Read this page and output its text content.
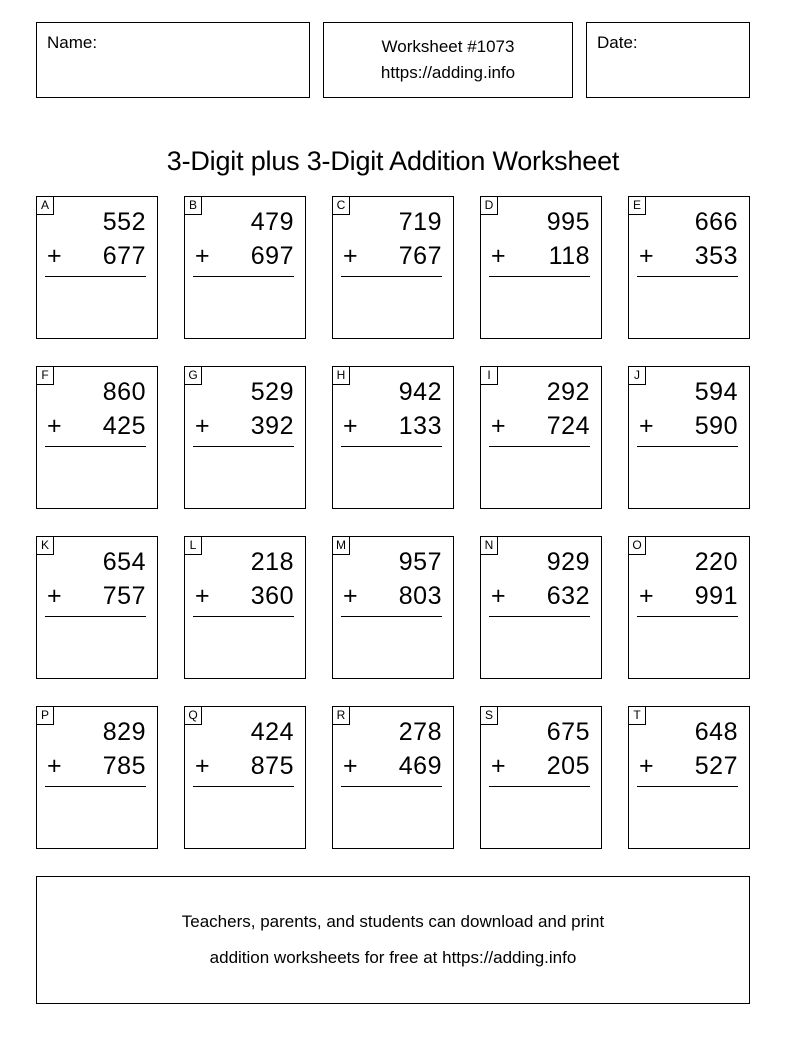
Name:	Worksheet #1073
https://adding.info
Date:
3-Digit plus 3-Digit Addition Worksheet
A
552
+ 677
B
479
+ 697
C
719
+ 767
D
995
+ 118
E
666
+ 353
F
860
+ 425
G
529
+ 392
H
942
+ 133
I
292
+ 724
J
594
+ 590
K
654
+ 757
L
218
+ 360
M
957
+ 803
N
929
+ 632
O
220
+ 991
P
829
+ 785
Q
424
+ 875
R
278
+ 469
S
675
+ 205
T
648
+ 527
Teachers, parents, and students can download and print
addition worksheets for free at https://adding.info
